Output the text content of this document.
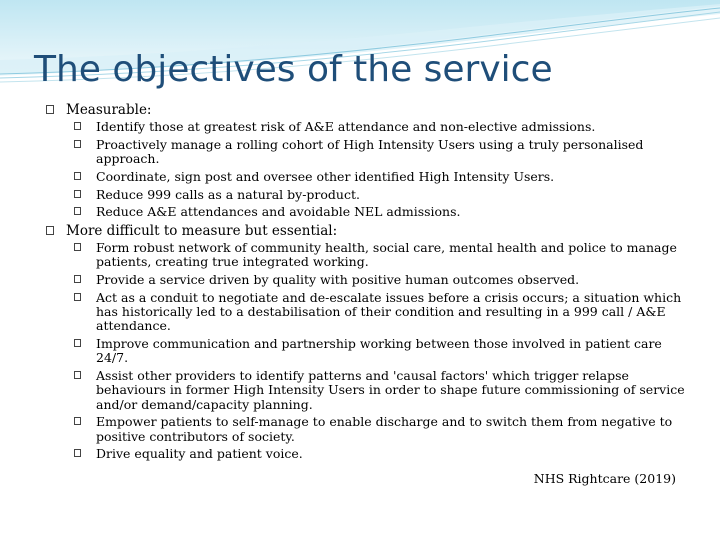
The objectives of the service
Measurable:
Identify those at greatest risk of A&E attendance and non-elective admissions.
Proactively manage a rolling cohort of High Intensity Users using a truly personalised approach.
Coordinate, sign post and oversee other identified High Intensity Users.
Reduce 999 calls as a natural by-product.
Reduce A&E attendances and avoidable NEL admissions.
More difficult to measure but essential:
Form robust network of community health, social care, mental health and police to manage patients, creating true integrated working.
Provide a service driven by quality with positive human outcomes observed.
Act as a conduit to negotiate and de-escalate issues before a crisis occurs; a situation which has historically led to a destabilisation of their condition and resulting in a 999 call / A&E attendance.
Improve communication and partnership working between those involved in patient care 24/7.
Assist other providers to identify patterns and 'causal factors' which trigger relapse behaviours in former High Intensity Users in order to shape future commissioning of service and/or demand/capacity planning.
Empower patients to self-manage to enable discharge and to switch them from negative to positive contributors of society.
Drive equality and patient voice.
NHS Rightcare (2019)
